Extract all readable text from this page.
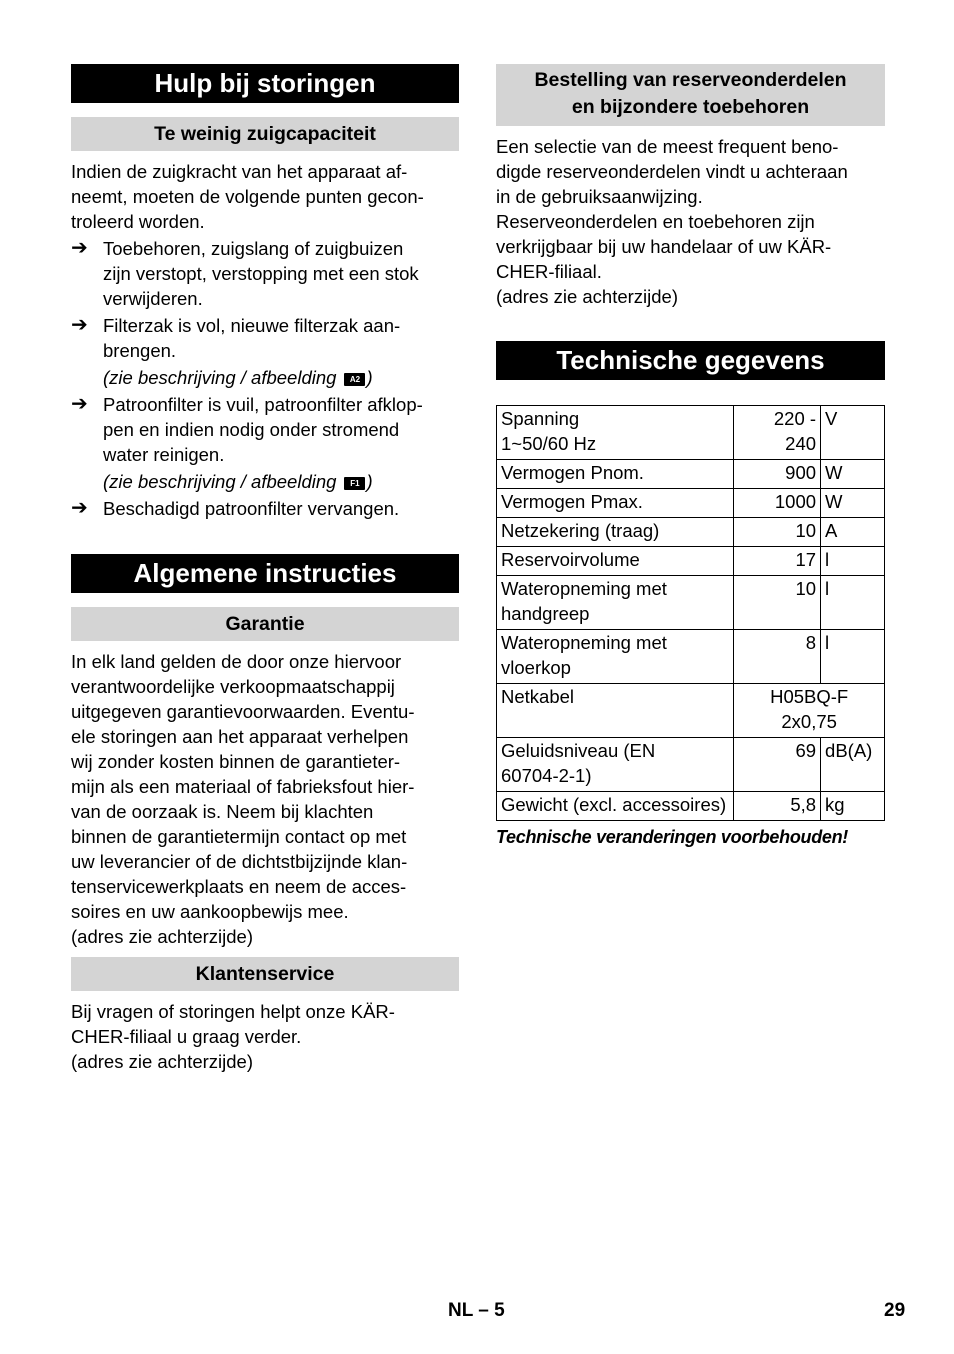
Hulp bij storingen
Te weinig zuigcapaciteit

Indien de zuigkracht van het apparaat af-
neemt, moeten de volgende punten gecon-
troleerd worden.

➔ Toebehoren, zuigslang of zuigbuizen
zijn verstopt, verstopping met een stok
verwijderen.
➔ Filterzak is vol, nieuwe filterzak aan-
brengen.
(zie beschrijving / afbeelding A2 )
➔ Patroonfilter is vuil, patroonfilter afklop-
pen en indien nodig onder stromend
water reinigen.
(zie beschrijving / afbeelding F1 )
➔ Beschadigd patroonfilter vervangen.
Algemene instructies
Garantie

In elk land gelden de door onze hiervoor
verantwoordelijke verkoopmaatschappij
uitgegeven garantievoorwaarden. Eventu-
ele storingen aan het apparaat verhelpen
wij zonder kosten binnen de garantieter-
mijn als een materiaal of fabrieksfout hier-
van de oorzaak is. Neem bij klachten
binnen de garantietermijn contact op met
uw leverancier of de dichtstbijzijnde klan-
tenservicewerkplaats en neem de acces-
soires en uw aankoopbewijs mee.
(adres zie achterzijde)

Klantenservice

Bij vragen of storingen helpt onze KÄR-
CHER-filiaal u graag verder.
(adres zie achterzijde)

Bestelling van reserveonderdelen
en bijzondere toebehoren

Een selectie van de meest frequent beno-
digde reserveonderdelen vindt u achteraan
in de gebruiksaanwijzing.
Reserveonderdelen en toebehoren zijn
verkrijgbaar bij uw handelaar of uw KÄR-
CHER-filiaal.
(adres zie achterzijde)

Technische gegevens
Spanning
1~50/60 Hz	220 -
240	V
Vermogen Pnom.	900	W
Vermogen Pmax.	1000	W
Netzekering (traag)	10	A
Reservoirvolume	17	l
Wateropneming met
handgreep	10	l
Wateropneming met
vloerkop	8	l
Netkabel	H05BQ-F
2x0,75	
Geluidsniveau (EN
60704-2-1)	69	dB(A)
Gewicht (excl. accessoires)	5,8	kg

Technische veranderingen voorbehouden!

NL – 5	29
